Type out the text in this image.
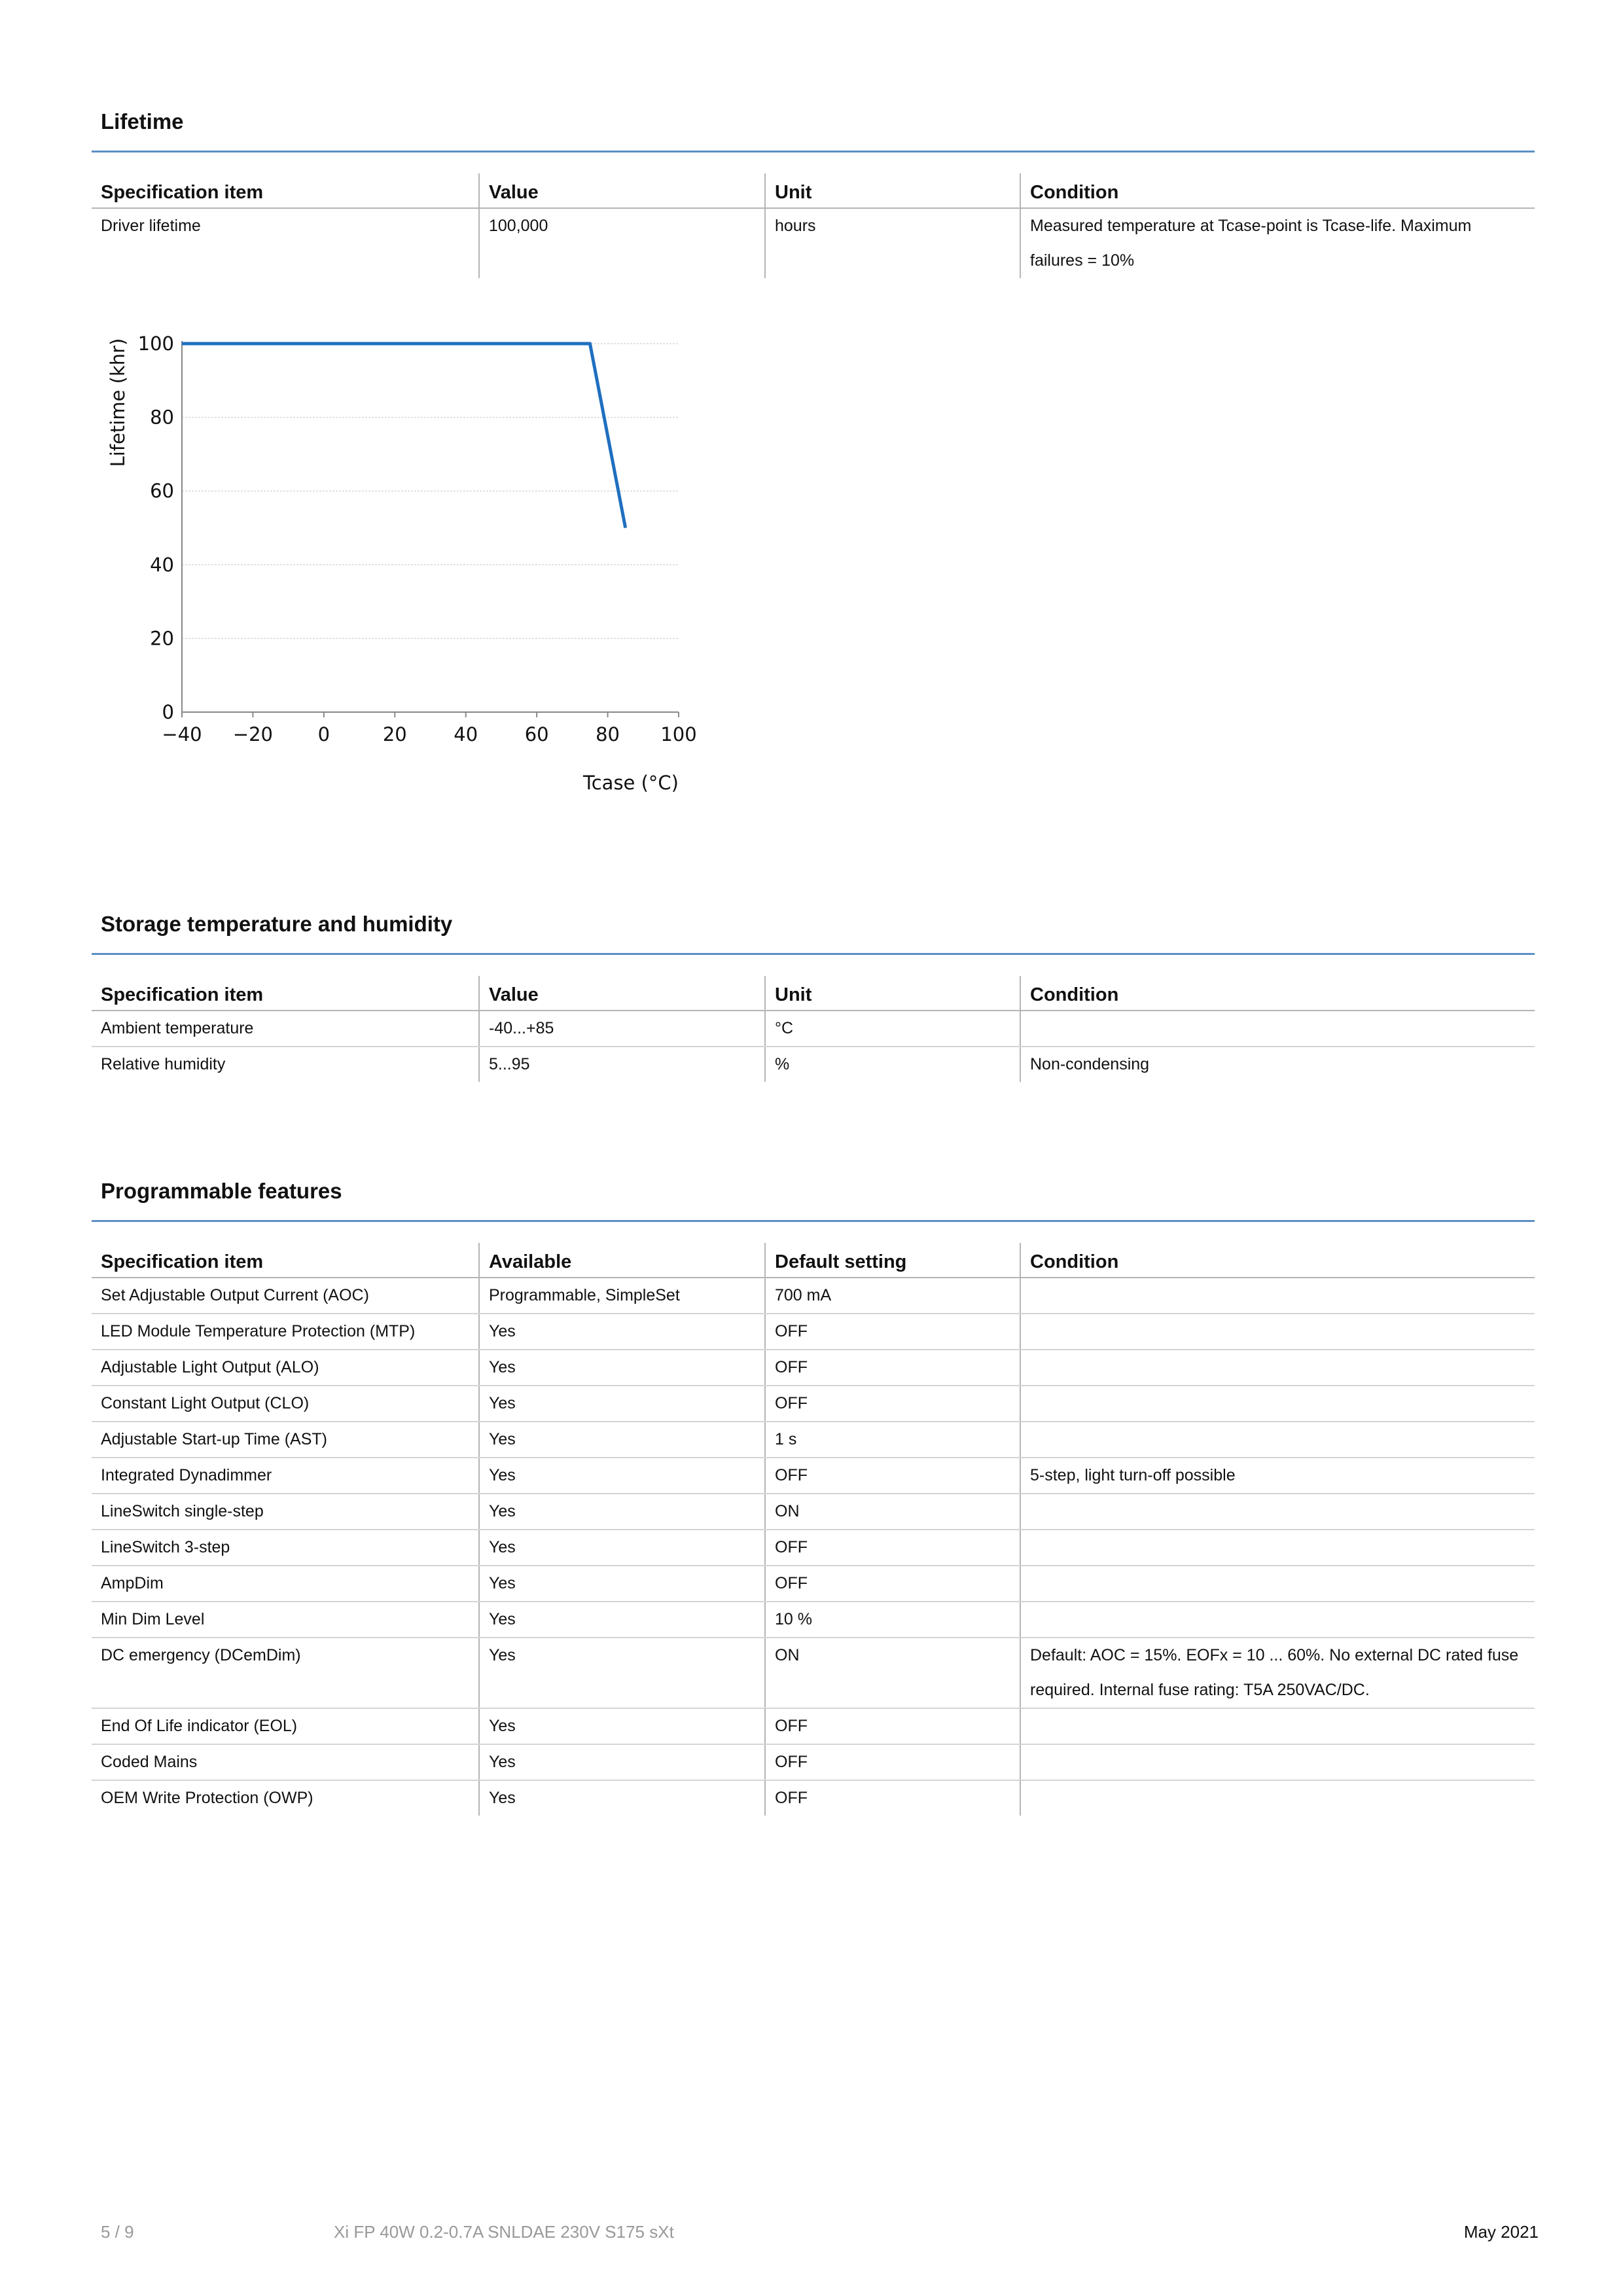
Lifetime
Specification item	Value	Unit	Condition
Driver lifetime	100,000	hours	Measured temperature at Tcase-point is Tcase-life. Maximum failures = 10%
0
20
40
60
80
100
−40 −20 0	20 40 60 80 100
Tcase (°C)
Lifetime (khr)
Storage temperature and humidity
Specification item	Value	Unit	Condition
Ambient temperature	-40...+85	°C	
Relative humidity	5...95	%	Non-condensing
Programmable features
Specification item	Available	Default setting	Condition
Set Adjustable Output Current (AOC)	Programmable, SimpleSet	700 mA	
LED Module Temperature Protection (MTP)	Yes	OFF	
Adjustable Light Output (ALO)	Yes	OFF	
Constant Light Output (CLO)	Yes	OFF	
Adjustable Start-up Time (AST)	Yes	1 s	
Integrated Dynadimmer	Yes	OFF	5-step, light turn-off possible
LineSwitch single-step	Yes	ON	
LineSwitch 3-step	Yes	OFF	
AmpDim	Yes	OFF	
Min Dim Level	Yes	10 %	
DC emergency (DCemDim)	Yes	ON	Default: AOC = 15%. EOFx = 10 ... 60%. No external DC rated fuse required. Internal fuse rating: T5A 250VAC/DC.
End Of Life indicator (EOL)	Yes	OFF	
Coded Mains	Yes	OFF	
OEM Write Protection (OWP)	Yes	OFF	
5 / 9	Xi FP 40W 0.2-0.7A SNLDAE 230V S175 sXt	May 2021
